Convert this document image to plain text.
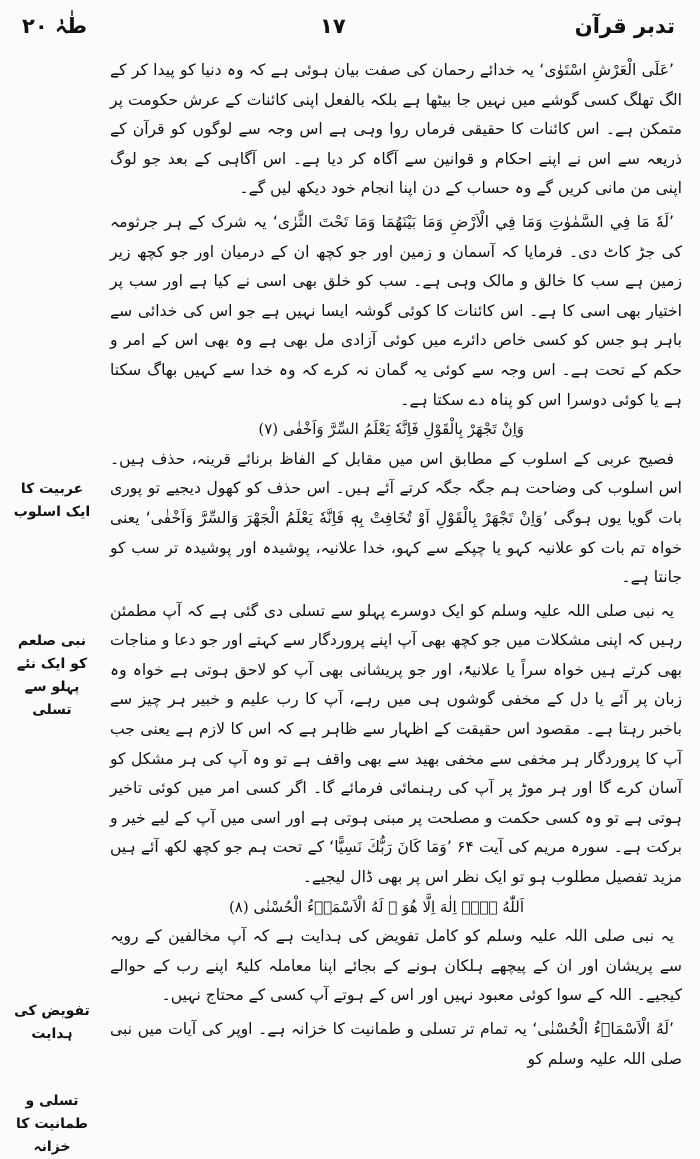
تدبر قرآن
١٧
طٰہٰ ۲۰

’عَلَى الْعَرْشِ اسْتَوٰی‘ یہ خدائے رحمان کی صفت بیان ہوئی ہے کہ وہ دنیا کو پیدا کر کے الگ تھلگ کسی گوشے میں نہیں جا بیٹھا ہے بلکہ بالفعل اپنی کائنات کے عرش حکومت پر متمکن ہے۔ اس کائنات کا حقیقی فرماں روا وہی ہے اس وجہ سے لوگوں کو قرآن کے ذریعہ سے اس نے اپنے احکام و قوانین سے آگاہ کر دیا ہے۔ اس آگاہی کے بعد جو لوگ اپنی من مانی کریں گے وہ حساب کے دن اپنا انجام خود دیکھ لیں گے۔

’لَهٗ مَا فِي السَّمٰوٰتِ وَمَا فِي الْاَرْضِ وَمَا بَيْنَهُمَا وَمَا تَحْتَ الثَّرٰى‘ یہ شرک کے ہر جرثومہ کی جڑ کاٹ دی۔ فرمایا کہ آسمان و زمین اور جو کچھ ان کے درمیان اور جو کچھ زیر زمین ہے سب کا خالق و مالک وہی ہے۔ سب کو خلق بھی اسی نے کیا ہے اور سب پر اختیار بھی اسی کا ہے۔ اس کائنات کا کوئی گوشہ ایسا نہیں ہے جو اس کی خدائی سے باہر ہو جس کو کسی خاص دائرے میں کوئی آزادی مل بھی ہے وہ بھی اس کے امر و حکم کے تحت ہے۔ اس وجہ سے کوئی یہ گمان نہ کرے کہ وہ خدا سے کہیں بھاگ سکتا ہے یا کوئی دوسرا اس کو پناہ دے سکتا ہے۔

وَاِنْ تَجْهَرْ بِالْقَوْلِ فَاِنَّهٗ يَعْلَمُ السِّرَّ وَاَخْفٰى (۷)

فصیح عربی کے اسلوب کے مطابق اس میں مقابل کے الفاظ برنائے قرینہ، حذف ہیں۔ اس اسلوب کی وضاحت ہم جگہ جگہ کرتے آئے ہیں۔ اس حذف کو کھول دیجیے تو پوری بات گویا یوں ہوگی ’وَاِنْ تَجْهَرْ بِالْقَوْلِ اَوْ تُخَافِتْ بِهٖ فَاِنَّهٗ يَعْلَمُ الْجَهْرَ وَالسِّرَّ وَاَخْفٰى‘ یعنی خواہ تم بات کو علانیہ کہو یا چپکے سے کہو، خدا علانیہ، پوشیدہ اور پوشیدہ تر سب کو جانتا ہے۔

یہ نبی صلی اللہ علیہ وسلم کو ایک دوسرے پہلو سے تسلی دی گئی ہے کہ آپ مطمئن رہیں کہ اپنی مشکلات میں جو کچھ بھی آپ اپنے پروردگار سے کہتے اور جو دعا و مناجات بھی کرتے ہیں خواہ سراً یا علانیۃً، اور جو پریشانی بھی آپ کو لاحق ہوتی ہے خواہ وہ زبان پر آئے یا دل کے مخفی گوشوں ہی میں رہے، آپ کا رب علیم و خبیر ہر چیز سے باخبر رہتا ہے۔ مقصود اس حقیقت کے اظہار سے ظاہر ہے کہ اس کا لازم ہے یعنی جب آپ کا پروردگار ہر مخفی سے مخفی بھید سے بھی واقف ہے تو وہ آپ کی ہر مشکل کو آسان کرے گا اور ہر موڑ پر آپ کی رہنمائی فرمائے گا۔ اگر کسی امر میں کوئی تاخیر ہوتی ہے تو وہ کسی حکمت و مصلحت پر مبنی ہوتی ہے اور اسی میں آپ کے لیے خیر و برکت ہے۔ سورہ مریم کی آیت ۶۴ ’وَمَا كَانَ رَبُّكَ نَسِيًّا‘ کے تحت ہم جو کچھ لکھ آئے ہیں مزید تفصیل مطلوب ہو تو ایک نظر اس پر بھی ڈال لیجیے۔

اَللّٰهُ لَاۤ اِلٰهَ اِلَّا هُوَ ۭ لَهُ الْاَسْمَاۗءُ الْحُسْنٰى (۸)

یہ نبی صلی اللہ علیہ وسلم کو کامل تفویض کی ہدایت ہے کہ آپ مخالفین کے رویہ سے پریشان اور ان کے پیچھے ہلکان ہونے کے بجائے اپنا معاملہ کلیۃً اپنے رب کے حوالے کیجیے۔ اللہ کے سوا کوئی معبود نہیں اور اس کے ہوتے آپ کسی کے محتاج نہیں۔

’لَهُ الْاَسْمَاۗءُ الْحُسْنٰى‘ یہ تمام تر تسلی و طمانیت کا خزانہ ہے۔ اوپر کی آیات میں نبی صلی اللہ علیہ وسلم کو

عربیت کا ایک اسلوب
نبی صلعم کو ایک نئے پہلو سے تسلی
تفویض کی ہدایت
تسلی و طمانیت کا خزانہ
